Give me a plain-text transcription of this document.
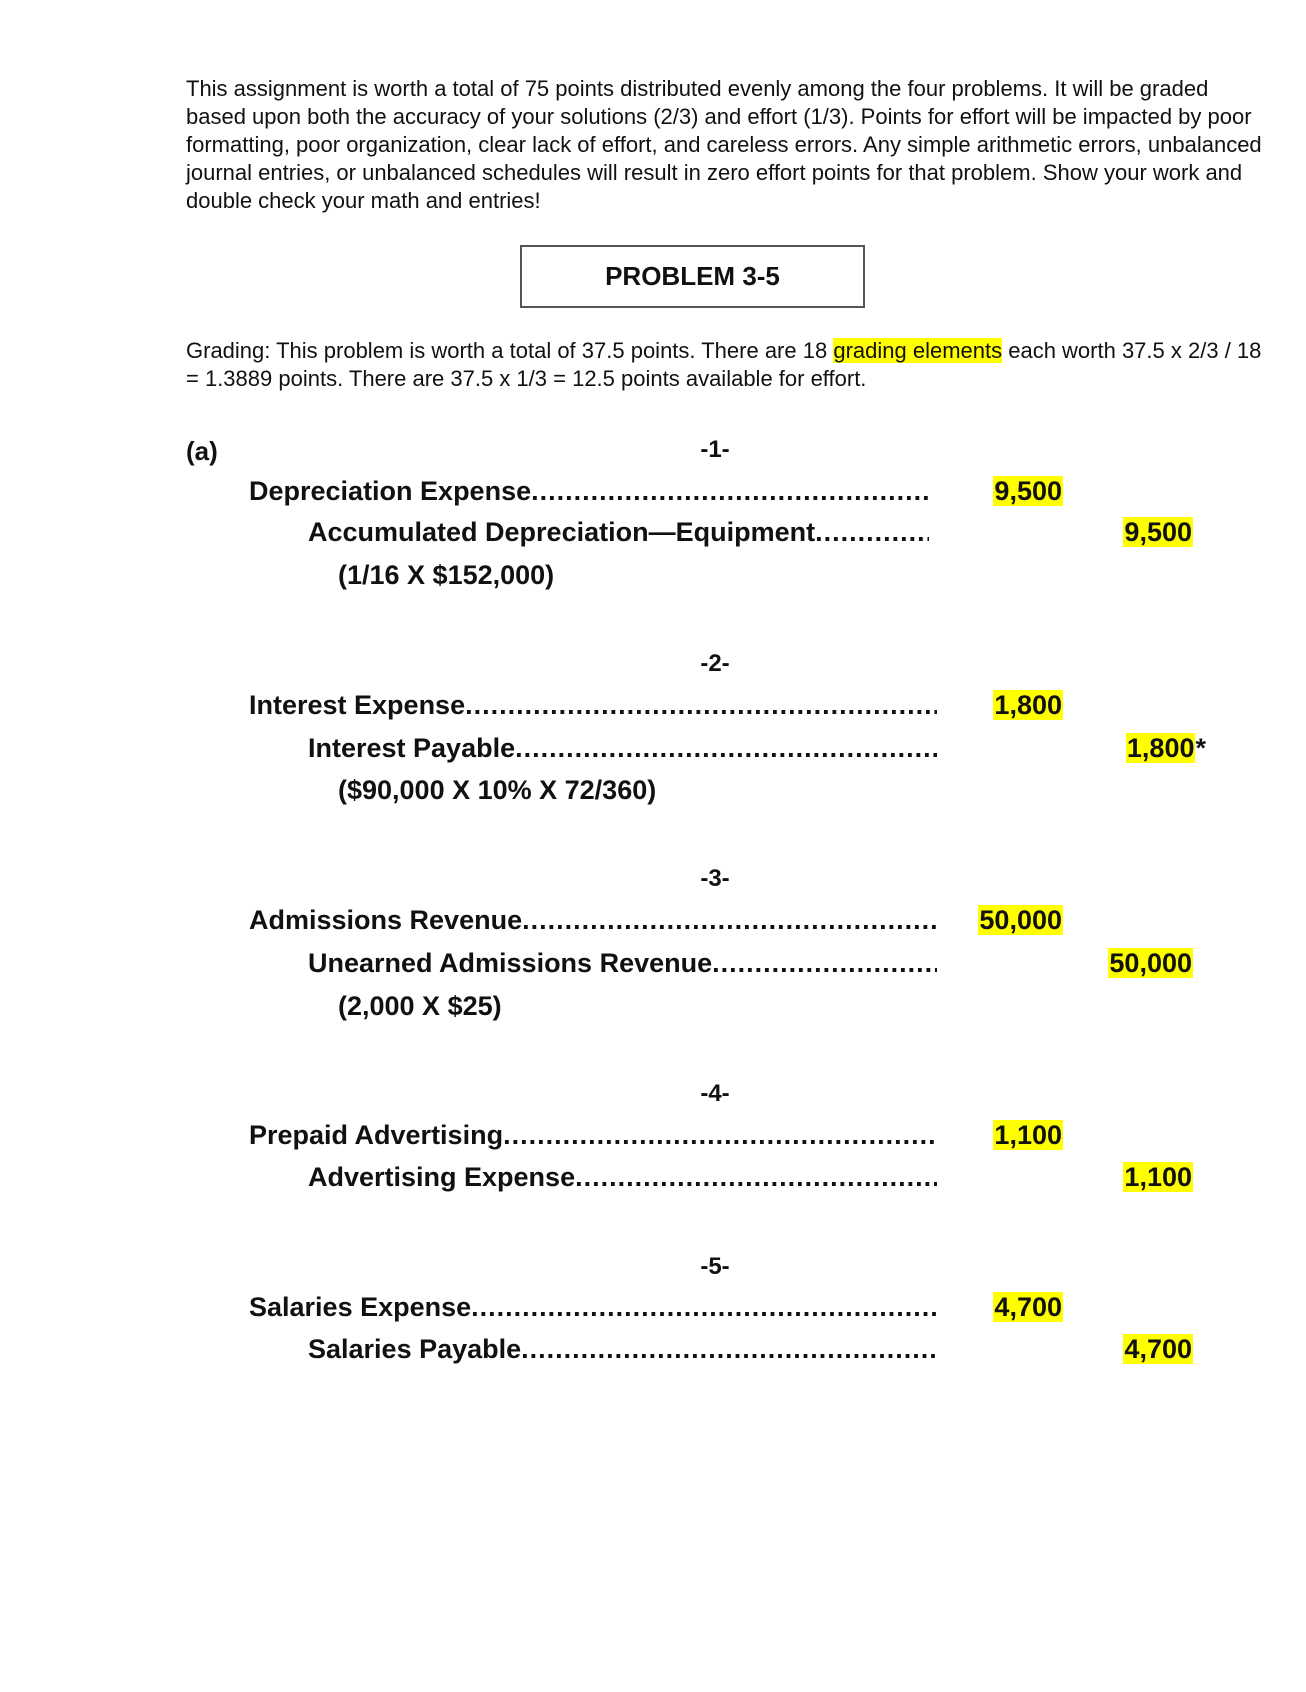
This assignment is worth a total of 75 points distributed evenly among the four problems. It will be graded based upon both the accuracy of your solutions (2/3) and effort (1/3). Points for effort will be impacted by poor formatting, poor organization, clear lack of effort, and careless errors. Any simple arithmetic errors, unbalanced journal entries, or unbalanced schedules will result in zero effort points for that problem. Show your work and double check your math and entries!
PROBLEM 3-5
Grading: This problem is worth a total of 37.5 points. There are 18 grading elements each worth 37.5 x 2/3 / 18 = 1.3889 points. There are 37.5 x 1/3 = 12.5 points available for effort.
(a)	-1-
Depreciation Expense .....	9,500
Accumulated Depreciation—Equipment .....	9,500
(1/16 X $152,000)
-2-
Interest Expense .....	1,800
Interest Payable .....	1,800*
($90,000 X 10% X 72/360)
-3-
Admissions Revenue .....	50,000
Unearned Admissions Revenue .....	50,000
(2,000 X $25)
-4-
Prepaid Advertising .....	1,100
Advertising Expense .....	1,100
-5-
Salaries Expense .....	4,700
Salaries Payable .....	4,700
